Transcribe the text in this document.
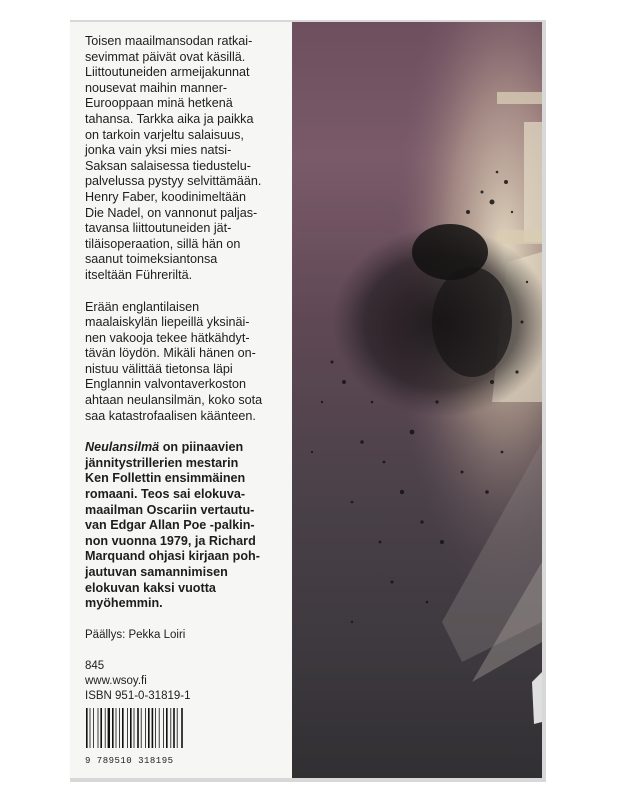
Toisen maailmansodan ratkai-
sevimmat päivät ovat käsillä.
Liittoutuneiden armeijakunnat
nousevat maihin manner-
Eurooppaan minä hetkenä
tahansa. Tarkka aika ja paikka
on tarkoin varjeltu salaisuus,
jonka vain yksi mies natsi-
Saksan salaisessa tiedustelu-
palvelussa pystyy selvittämään.
Henry Faber, koodinimeltään
Die Nadel, on vannonut paljas-
tavansa liittoutuneiden jät-
tiläisoperaation, sillä hän on
saanut toimeksiantonsa
itseltään Führeriltä.

Erään englantilaisen
maalaiskylän liepeillä yksinäi-
nen vakooja tekee hätkähdyt-
tävän löydön. Mikäli hänen on-
nistuu välittää tietonsa läpi
Englannin valvontaverkoston
ahtaan neulansilmän, koko sota
saa katastrofaalisen käänteen.

Neulansilmä on piinaavien
jännitystrillerien mestarin
Ken Follettin ensimmäinen
romaani. Teos sai elokuva-
maailman Oscariin vertautu-
van Edgar Allan Poe -palkin-
non vuonna 1979, ja Richard
Marquand ohjasi kirjaan poh-
jautuvan samannimisen
elokuvan kaksi vuotta
myöhemmin.

Päällys: Pekka Loiri
845
www.wsoy.fi
ISBN 951-0-31819-1
9 789510 318195
